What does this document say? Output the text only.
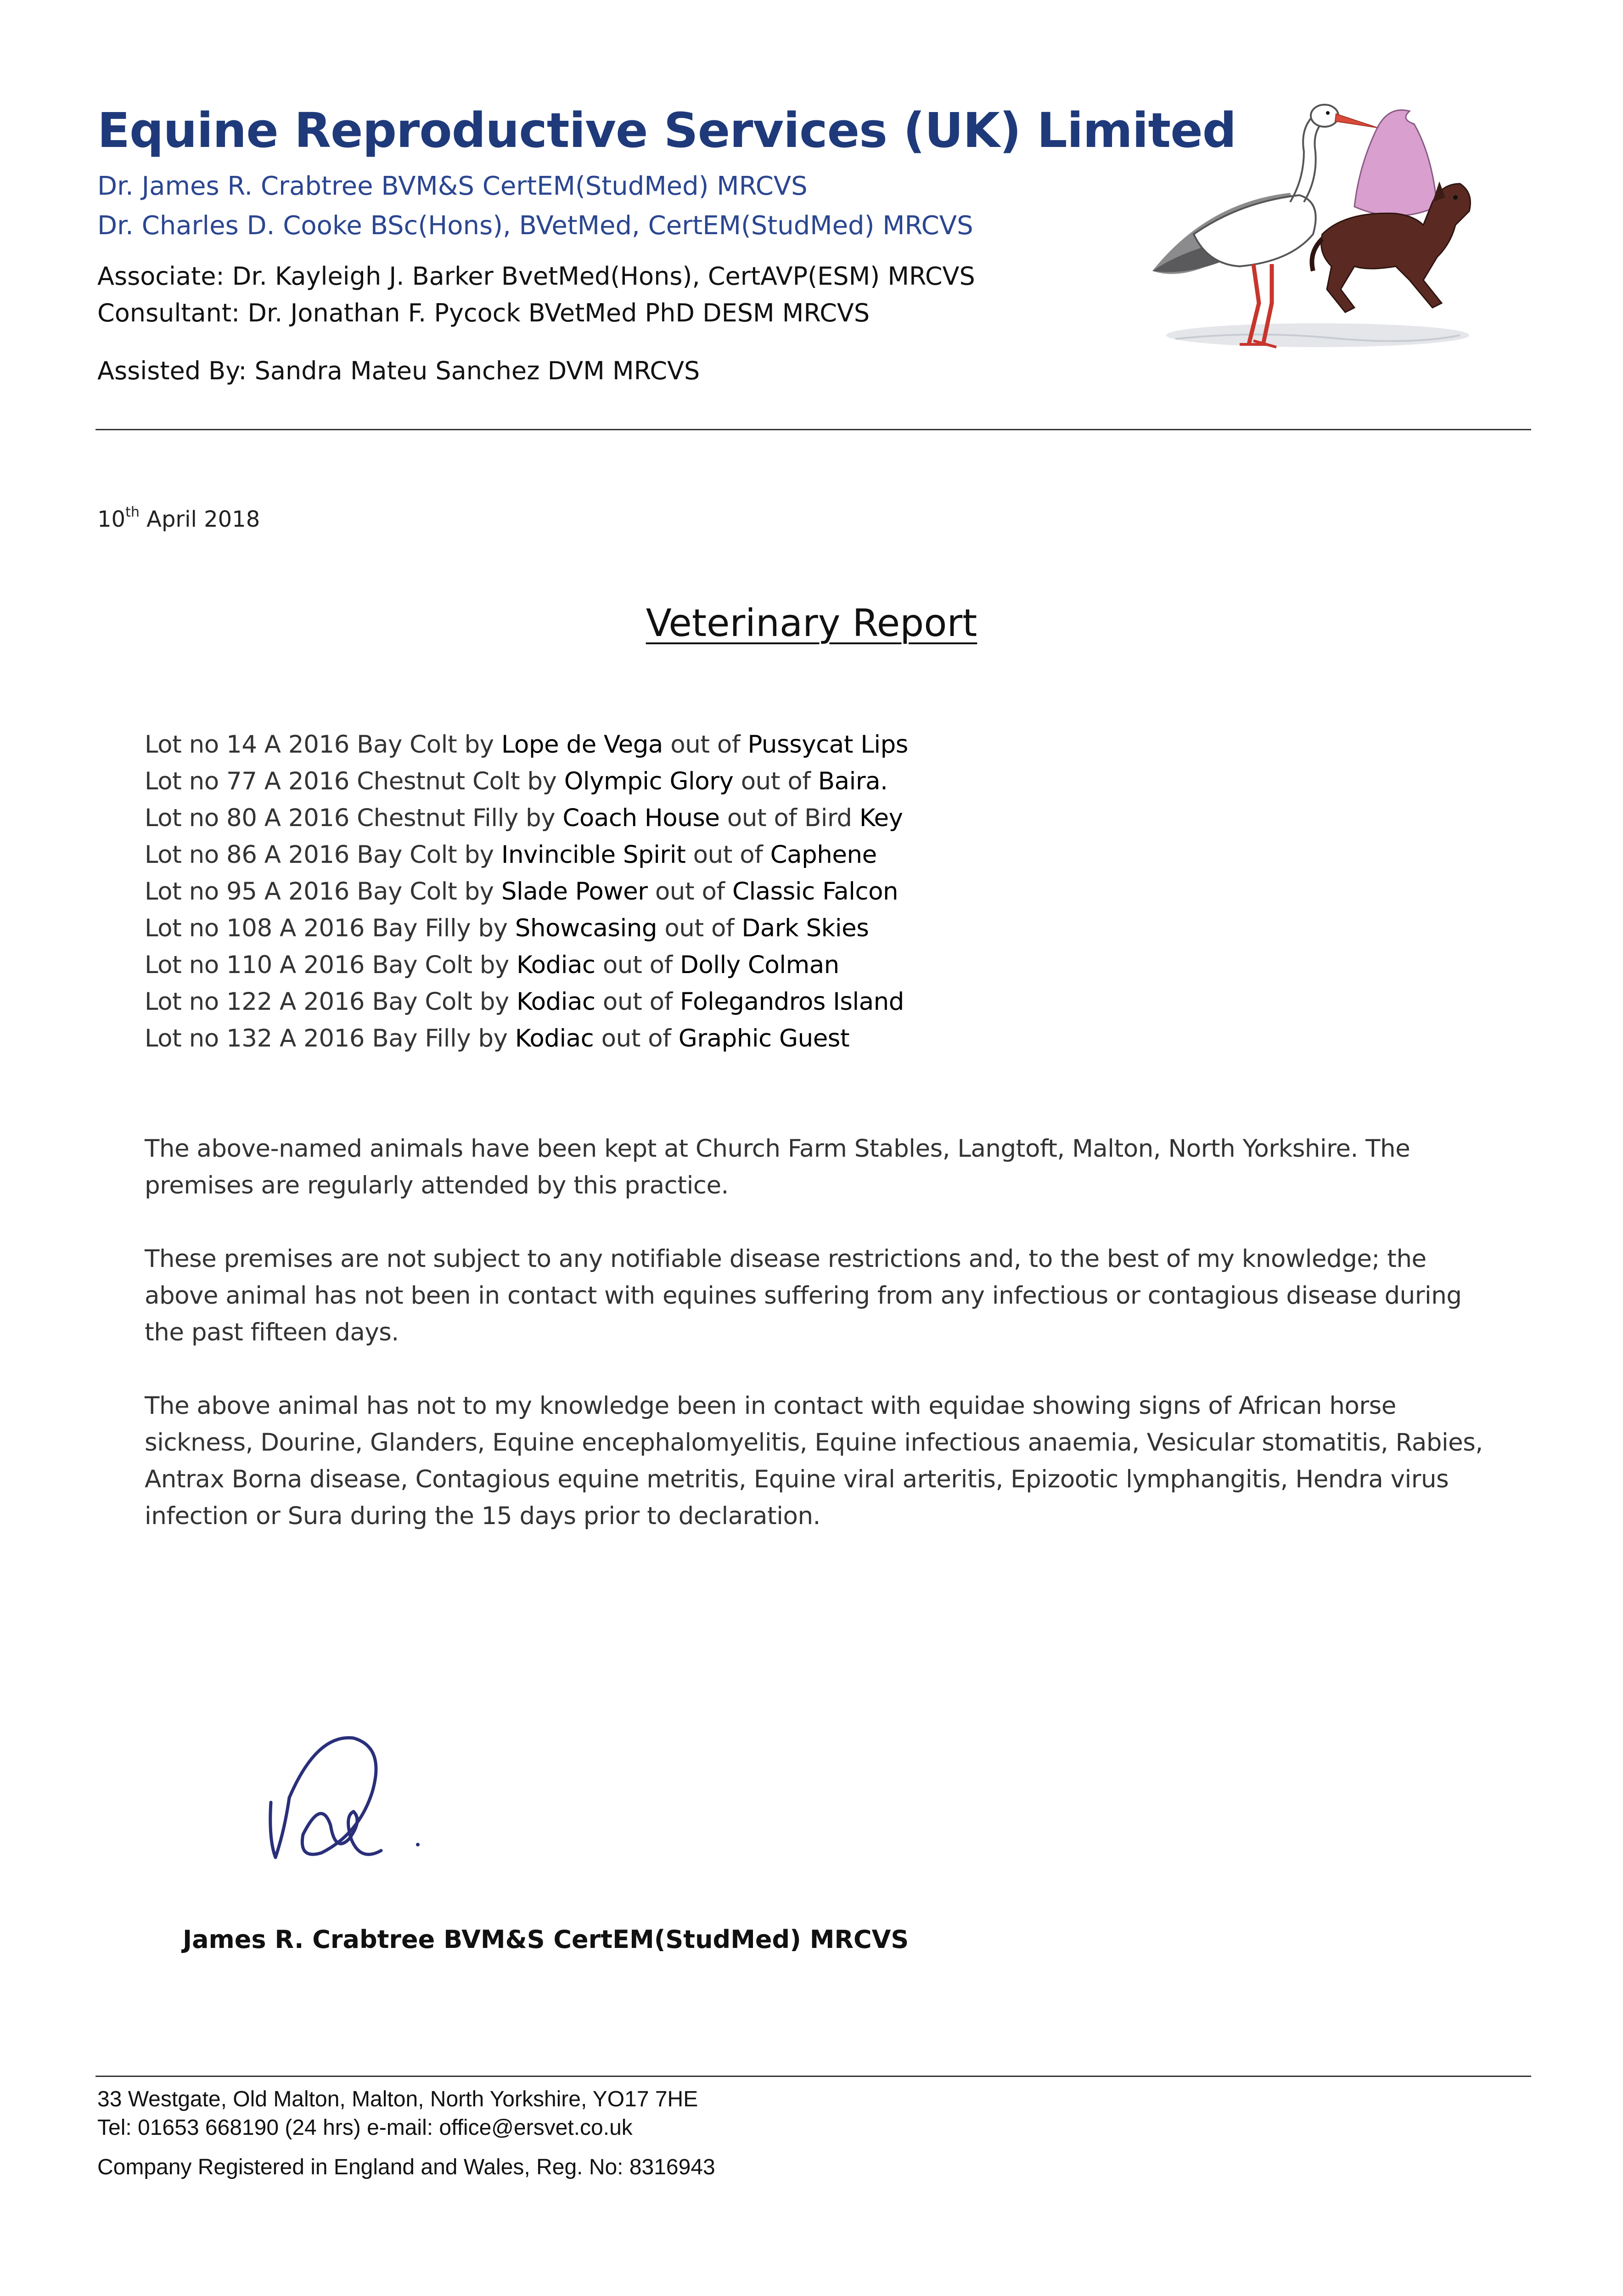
Equine Reproductive Services (UK) Limited
Dr. James R. Crabtree BVM&S CertEM(StudMed) MRCVS
Dr. Charles D. Cooke BSc(Hons), BVetMed, CertEM(StudMed) MRCVS
Associate: Dr. Kayleigh J. Barker BvetMed(Hons), CertAVP(ESM) MRCVS
Consultant: Dr. Jonathan F. Pycock BVetMed PhD DESM MRCVS
Assisted By: Sandra Mateu Sanchez DVM MRCVS
10th April 2018
Veterinary Report
Lot no 14 A 2016 Bay Colt by Lope de Vega out of Pussycat Lips
Lot no 77 A 2016 Chestnut Colt by Olympic Glory out of Baira.
Lot no 80 A 2016 Chestnut Filly by Coach House out of Bird Key
Lot no 86 A 2016 Bay Colt by Invincible Spirit out of Caphene
Lot no 95 A 2016 Bay Colt by Slade Power out of Classic Falcon
Lot no 108 A 2016 Bay Filly by Showcasing out of Dark Skies
Lot no 110 A 2016 Bay Colt by Kodiac out of Dolly Colman
Lot no 122 A 2016 Bay Colt by Kodiac out of Folegandros Island
Lot no 132 A 2016 Bay Filly by Kodiac out of Graphic Guest

The above-named animals have been kept at Church Farm Stables, Langtoft, Malton, North Yorkshire. The premises are regularly attended by this practice.

These premises are not subject to any notifiable disease restrictions and, to the best of my knowledge; the above animal has not been in contact with equines suffering from any infectious or contagious disease during the past fifteen days.

The above animal has not to my knowledge been in contact with equidae showing signs of African horse sickness, Dourine, Glanders, Equine encephalomyelitis, Equine infectious anaemia, Vesicular stomatitis, Rabies, Antrax Borna disease, Contagious equine metritis, Equine viral arteritis, Epizootic lymphangitis, Hendra virus infection or Sura during the 15 days prior to declaration.

James R. Crabtree BVM&S CertEM(StudMed) MRCVS
33 Westgate, Old Malton, Malton, North Yorkshire, YO17 7HE
Tel: 01653 668190 (24 hrs) e-mail: office@ersvet.co.uk
Company Registered in England and Wales, Reg. No: 8316943
